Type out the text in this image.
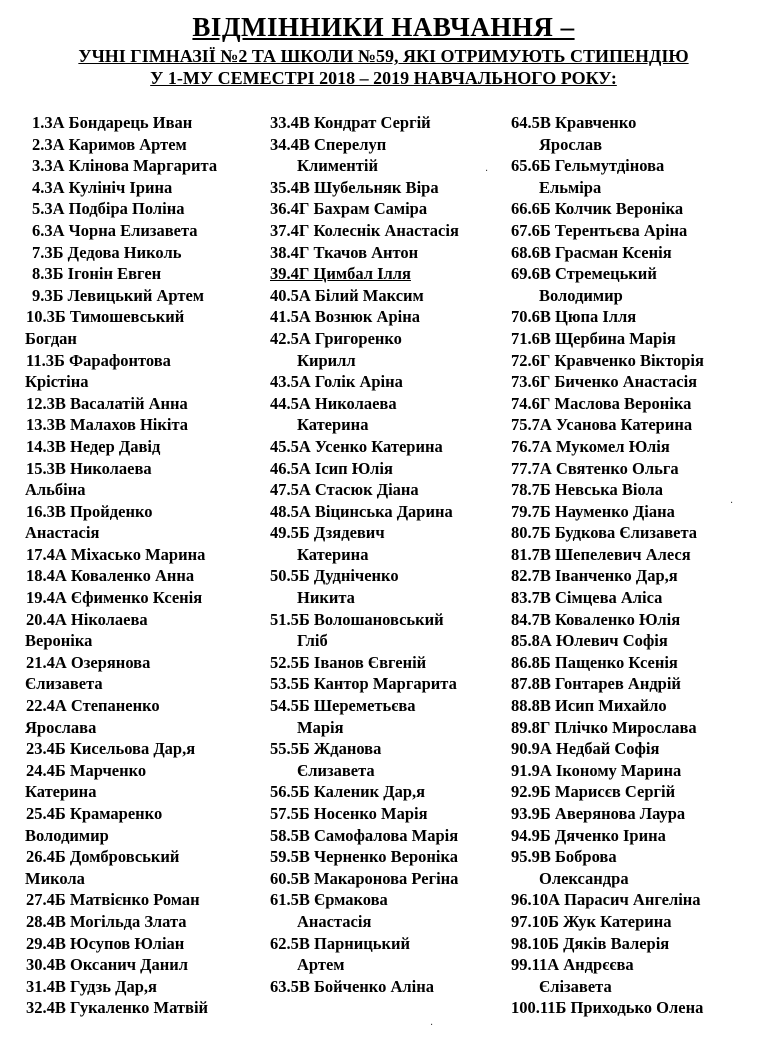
ВІДМІННИКИ НАВЧАННЯ –
УЧНІ ГІМНАЗІЇ №2 ТА ШКОЛИ №59, ЯКІ ОТРИМУЮТЬ СТИПЕНДІЮ
У 1-МУ СЕМЕСТРІ 2018 – 2019 НАВЧАЛЬНОГО РОКУ:
1.3А Бондарець Иван
2.3А Каримов Артем
3.3А Клінова Маргарита
4.3А Кулініч Ірина
5.3А Подбіра Поліна
6.3А Чорна Елизавета
7.3Б Дедова Николь
8.3Б Ігонін Евген
9.3Б Левицький Артем
10.3Б Тимошевський
Богдан
11.3Б Фарафонтова
Крістіна
12.3В Васалатій Анна
13.3В Малахов Нікіта
14.3В Недер Давід
15.3В Николаева
Альбіна
16.3В Пройденко
Анастасія
17.4А Міхасько Марина
18.4А Коваленко Анна
19.4А Єфименко Ксенія
20.4А Ніколаева
Веронiка
21.4А Озерянова
Єлизавета
22.4А Степаненко
Ярослава
23.4Б Кисельова Дар,я
24.4Б Марченко
Катерина
25.4Б Крамаренко
Володимир
26.4Б Домбровський
Микола
27.4Б Матвієнко Роман
28.4В Могільда Злата
29.4В Юсупов Юліан
30.4В Оксанич Данил
31.4В Гудзь Дар,я
32.4В Гукаленко Матвій
33.4В Кондрат Сергій
34.4В Сперелуп
Климентій
35.4В Шубельняк Віра
36.4Г Бахрам Саміра
37.4Г Колеснік Анастасія
38.4Г Ткачов Антон
39.4Г Цимбал Ілля
40.5А Білий Максим
41.5А Вознюк Аріна
42.5А Григоренко
Кирилл
43.5А Голік Аріна
44.5А Николаева
Катерина
45.5А Усенко Катерина
46.5А Ісип Юлія
47.5А Стасюк Діана
48.5А Віцинська Дарина
49.5Б Дзядевич
Катерина
50.5Б Дудніченко
Никита
51.5Б Волошановський
Гліб
52.5Б Іванов Євгеній
53.5Б Кантор Маргарита
54.5Б Шереметьєва
Марія
55.5Б Жданова
Єлизавета
56.5Б Каленик Дар,я
57.5Б Носенко Марія
58.5В Самофалова Марія
59.5В Черненко Вероніка
60.5В Макаронова Регіна
61.5В Єрмакова
Анастасія
62.5В Парницький
Артем
63.5В Бойченко Аліна
64.5В Кравченко
Ярослав
65.6Б Гельмутдінова
Ельміра
66.6Б Колчик Вероніка
67.6Б Терентьєва Аріна
68.6В Грасман Ксенія
69.6В Стремецький
Володимир
70.6В Цюпа Ілля
71.6В Щербина Марія
72.6Г Кравченко Вікторія
73.6Г Биченко Анастасія
74.6Г Маслова Вероніка
75.7А Усанова Катерина
76.7А Мукомел Юлія
77.7А Святенко Ольга
78.7Б Невська Віола
79.7Б Науменко Діана
80.7Б Будкова Єлизавета
81.7В Шепелевич Алеся
82.7В Іванченко Дар,я
83.7В Сімцева Аліса
84.7В Коваленко Юлія
85.8А Юлевич Софія
86.8Б Пащенко Ксенія
87.8В Гонтарев Андрій
88.8В Исип Михайло
89.8Г Плічко Мирослава
90.9А Недбай Софія
91.9А Іконому Марина
92.9Б Марисєв Сергій
93.9Б Аверянова Лаура
94.9Б Дяченко Ірина
95.9В Боброва
Олександра
96.10А Парасич Ангеліна
97.10Б Жук Катерина
98.10Б Дяків Валерія
99.11А Андрєєва
Єлізавета
100.11Б Приходько Олена
·
·
·
